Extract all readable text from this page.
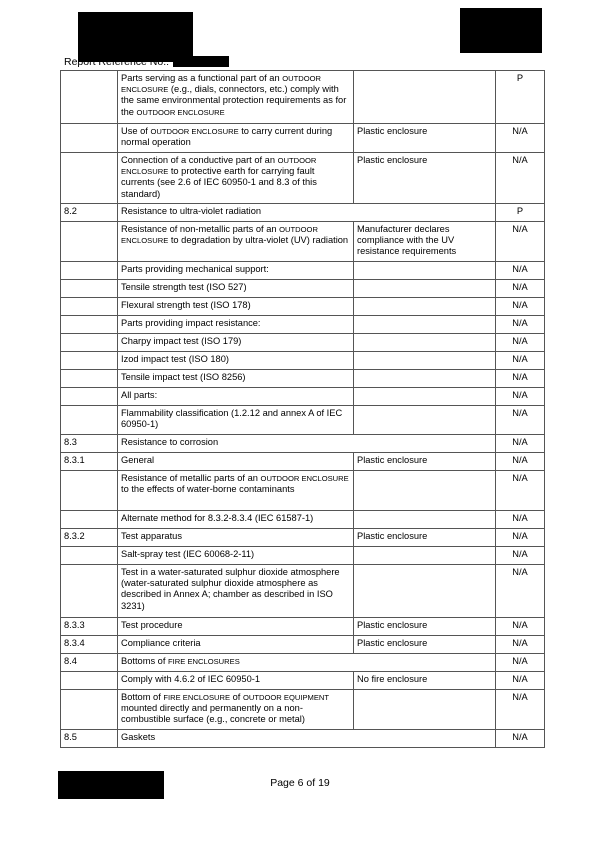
Report Reference No.:
	Parts serving as a functional part of an OUTDOOR ENCLOSURE (e.g., dials, connectors, etc.) comply with the same environmental protection requirements as for the OUTDOOR ENCLOSURE		P
	Use of OUTDOOR ENCLOSURE to carry current during normal operation	Plastic enclosure	N/A
	Connection of a conductive part of an OUTDOOR ENCLOSURE to protective earth for carrying fault currents (see 2.6 of IEC 60950-1 and 8.3 of this standard)	Plastic enclosure	N/A
8.2	Resistance to ultra-violet radiation		P
	Resistance of non-metallic parts of an OUTDOOR ENCLOSURE to degradation by ultra-violet (UV) radiation	Manufacturer declares compliance with the UV resistance requirements	N/A
	Parts providing mechanical support:		N/A
	Tensile strength test (ISO 527)		N/A
	Flexural strength test (ISO 178)		N/A
	Parts providing impact resistance:		N/A
	Charpy impact test (ISO 179)		N/A
	Izod impact test (ISO 180)		N/A
	Tensile impact test (ISO 8256)		N/A
	All parts:		N/A
	Flammability classification (1.2.12 and annex A of IEC 60950-1)		N/A
8.3	Resistance to corrosion		N/A
8.3.1	General	Plastic enclosure	N/A
	Resistance of metallic parts of an OUTDOOR ENCLOSURE to the effects of water-borne contaminants		N/A
	Alternate method for 8.3.2-8.3.4 (IEC 61587-1)		N/A
8.3.2	Test apparatus	Plastic enclosure	N/A
	Salt-spray test (IEC 60068-2-11)		N/A
	Test in a water-saturated sulphur dioxide atmosphere (water-saturated sulphur dioxide atmosphere as described in Annex A; chamber as described in ISO 3231)		N/A
8.3.3	Test procedure	Plastic enclosure	N/A
8.3.4	Compliance criteria	Plastic enclosure	N/A
8.4	Bottoms of FIRE ENCLOSURES		N/A
	Comply with 4.6.2 of IEC 60950-1	No fire enclosure	N/A
	Bottom of FIRE ENCLOSURE of OUTDOOR EQUIPMENT mounted directly and permanently on a non-combustible surface (e.g., concrete or metal)		N/A
8.5	Gaskets		N/A
Page 6 of 19
